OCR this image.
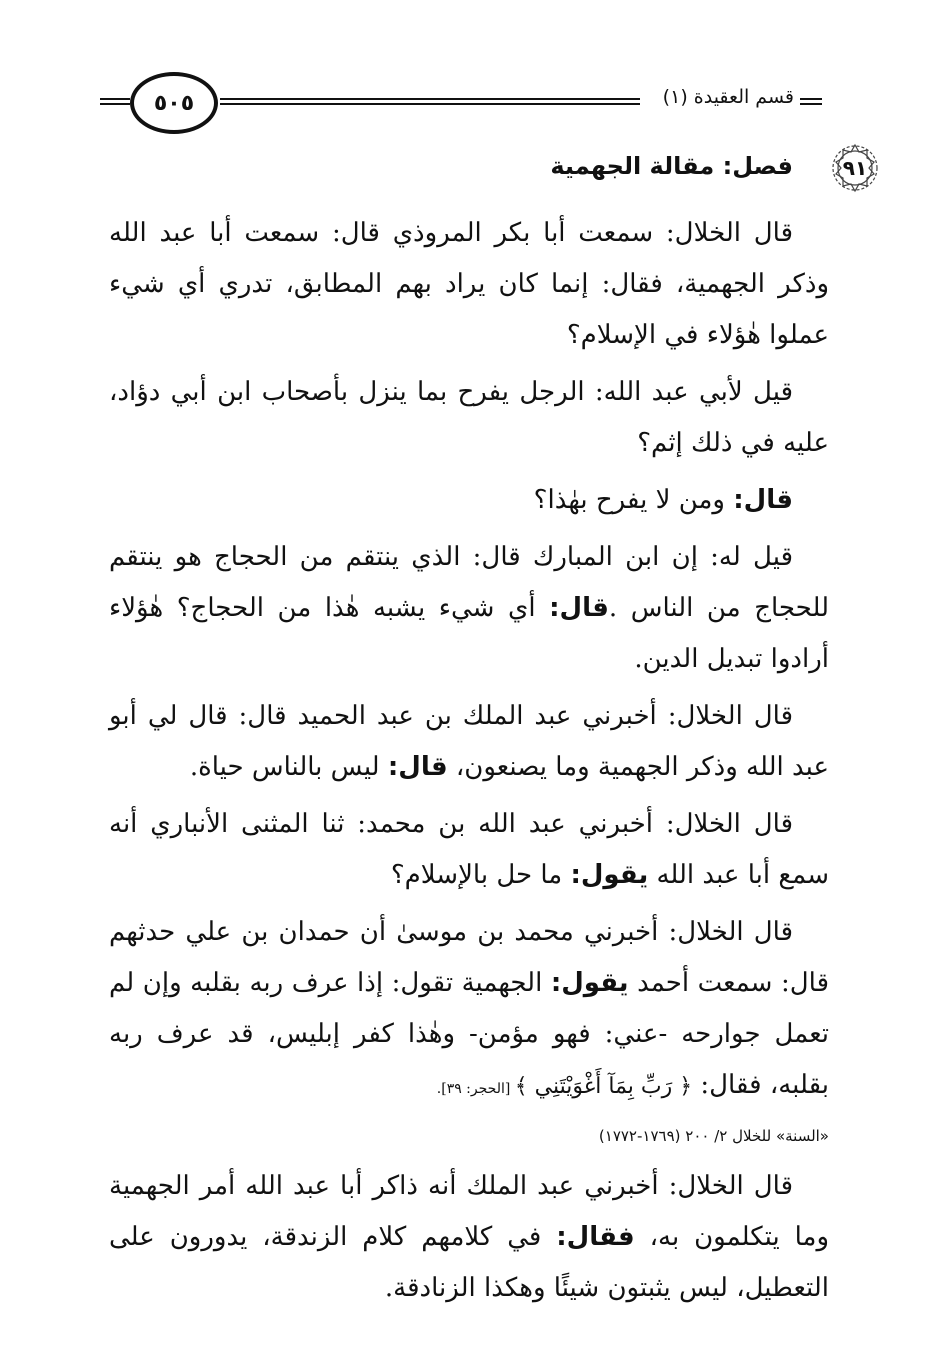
٥٠٥	قسم العقيدة (١)
٩١
فصل: مقالة الجهمية

قال الخلال: سمعت أبا بكر المروذي قال: سمعت أبا عبد الله وذكر الجهمية، فقال: إنما كان يراد بهم المطابق، تدري أي شيء عملوا هٰؤلاء في الإسلام؟

قيل لأبي عبد الله: الرجل يفرح بما ينزل بأصحاب ابن أبي دؤاد، عليه في ذلك إثم؟

قال: ومن لا يفرح بهٰذا؟

قيل له: إن ابن المبارك قال: الذي ينتقم من الحجاج هو ينتقم للحجاج من الناس .قال: أي شيء يشبه هٰذا من الحجاج؟ هٰؤلاء أرادوا تبديل الدين.

قال الخلال: أخبرني عبد الملك بن عبد الحميد قال: قال لي أبو عبد الله وذكر الجهمية وما يصنعون، قال: ليس بالناس حياة.

قال الخلال: أخبرني عبد الله بن محمد: ثنا المثنى الأنباري أنه سمع أبا عبد الله يقول: ما حل بالإسلام؟

قال الخلال: أخبرني محمد بن موسىٰ أن حمدان بن علي حدثهم قال: سمعت أحمد يقول: الجهمية تقول: إذا عرف ربه بقلبه وإن لم تعمل جوارحه -عني: فهو مؤمن- وهٰذا كفر إبليس، قد عرف ربه بقلبه، فقال: ﴿ رَبِّ بِمَآ أَغْوَيْتَنِي ﴾ [الحجر: ٣٩].

«السنة» للخلال ٢/ ٢٠٠ (١٧٦٩-١٧٧٢)

قال الخلال: أخبرني عبد الملك أنه ذاكر أبا عبد الله أمر الجهمية وما يتكلمون به، فقال: في كلامهم كلام الزندقة، يدورون على التعطيل، ليس يثبتون شيئًا وهكذا الزنادقة.
